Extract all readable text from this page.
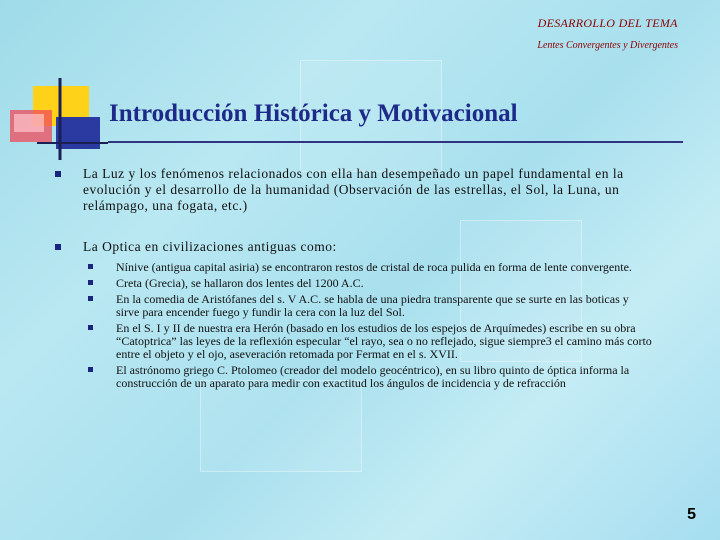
DESARROLLO DEL TEMA
Lentes Convergentes y Divergentes
Introducción Histórica y Motivacional
La Luz y los fenómenos relacionados con ella han desempeñado un papel fundamental en la evolución y el desarrollo de la humanidad (Observación de las estrellas, el Sol, la Luna, un relámpago, una fogata, etc.)
La Optica en civilizaciones antiguas como:
Nínive (antigua capital asiria) se encontraron restos de cristal de roca pulida en forma de lente convergente.
Creta (Grecia), se hallaron dos lentes del 1200 A.C.
En la comedia de Aristófanes del s. V A.C. se habla de una piedra transparente que se surte en las boticas y sirve para encender fuego y fundir la cera con la luz del Sol.
En el S. I y II de nuestra era Herón (basado en los estudios de los espejos de Arquímedes) escribe en su obra “Catoptrica” las leyes de la reflexión especular “el rayo, sea o no reflejado, sigue siempre3 el camino más corto entre el objeto y el ojo, aseveración retomada por Fermat en el s. XVII.
El astrónomo griego C. Ptolomeo (creador del modelo geocéntrico), en su libro quinto de óptica informa la construcción de un aparato para medir con exactitud los ángulos de incidencia y de refracción
5
